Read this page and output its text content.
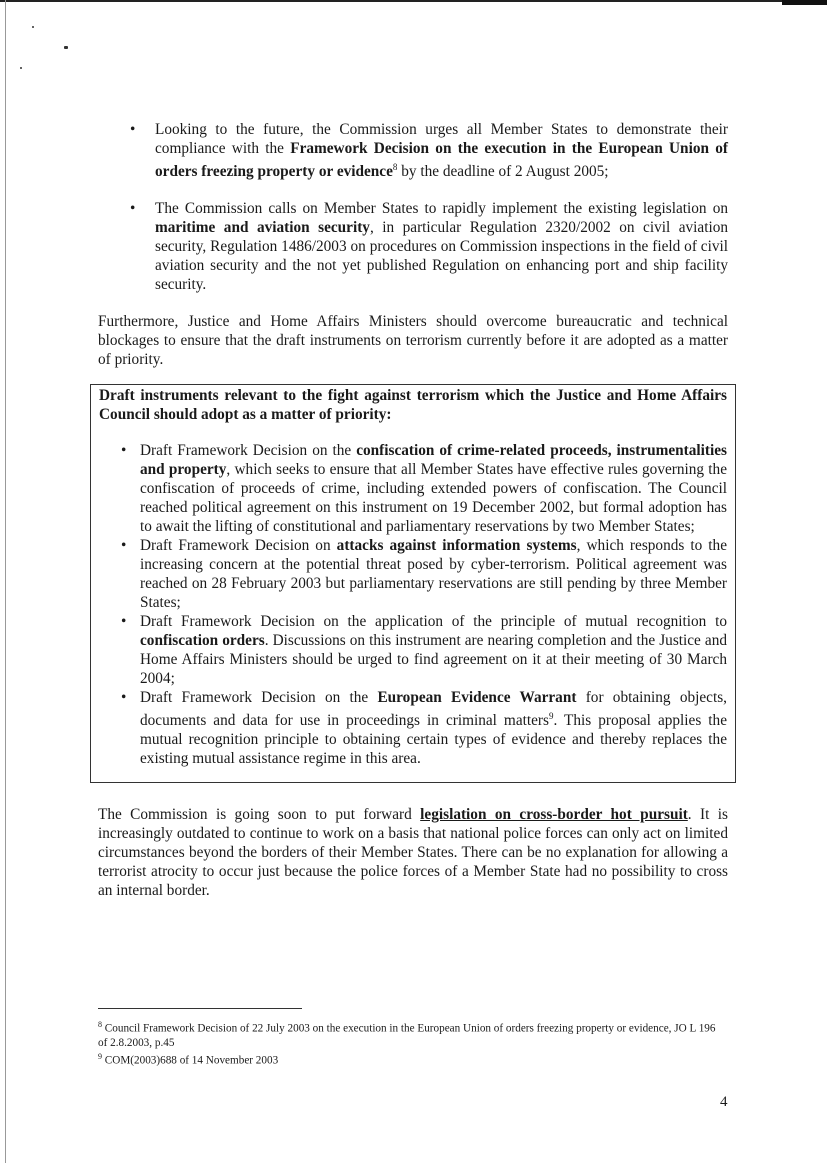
• Looking to the future, the Commission urges all Member States to demonstrate their compliance with the Framework Decision on the execution in the European Union of orders freezing property or evidence$^8$ by the deadline of 2 August 2005;
• The Commission calls on Member States to rapidly implement the existing legislation on maritime and aviation security, in particular Regulation 2320/2002 on civil aviation security, Regulation 1486/2003 on procedures on Commission inspections in the field of civil aviation security and the not yet published Regulation on enhancing port and ship facility security.

Furthermore, Justice and Home Affairs Ministers should overcome bureaucratic and technical blockages to ensure that the draft instruments on terrorism currently before it are adopted as a matter of priority.

Draft instruments relevant to the fight against terrorism which the Justice and Home Affairs Council should adopt as a matter of priority:
• Draft Framework Decision on the confiscation of crime-related proceeds, instrumentalities and property, which seeks to ensure that all Member States have effective rules governing the confiscation of proceeds of crime, including extended powers of confiscation. The Council reached political agreement on this instrument on 19 December 2002, but formal adoption has to await the lifting of constitutional and parliamentary reservations by two Member States;
• Draft Framework Decision on attacks against information systems, which responds to the increasing concern at the potential threat posed by cyber-terrorism. Political agreement was reached on 28 February 2003 but parliamentary reservations are still pending by three Member States;
• Draft Framework Decision on the application of the principle of mutual recognition to confiscation orders. Discussions on this instrument are nearing completion and the Justice and Home Affairs Ministers should be urged to find agreement on it at their meeting of 30 March 2004;
• Draft Framework Decision on the European Evidence Warrant for obtaining objects, documents and data for use in proceedings in criminal matters$^9$. This proposal applies the mutual recognition principle to obtaining certain types of evidence and thereby replaces the existing mutual assistance regime in this area.

The Commission is going soon to put forward legislation on cross-border hot pursuit. It is increasingly outdated to continue to work on a basis that national police forces can only act on limited circumstances beyond the borders of their Member States. There can be no explanation for allowing a terrorist atrocity to occur just because the police forces of a Member State had no possibility to cross an internal border.

$^8$ Council Framework Decision of 22 July 2003 on the execution in the European Union of orders freezing property or evidence, JO L 196 of 2.8.2003, p.45
$^9$ COM(2003)688 of 14 November 2003
4
